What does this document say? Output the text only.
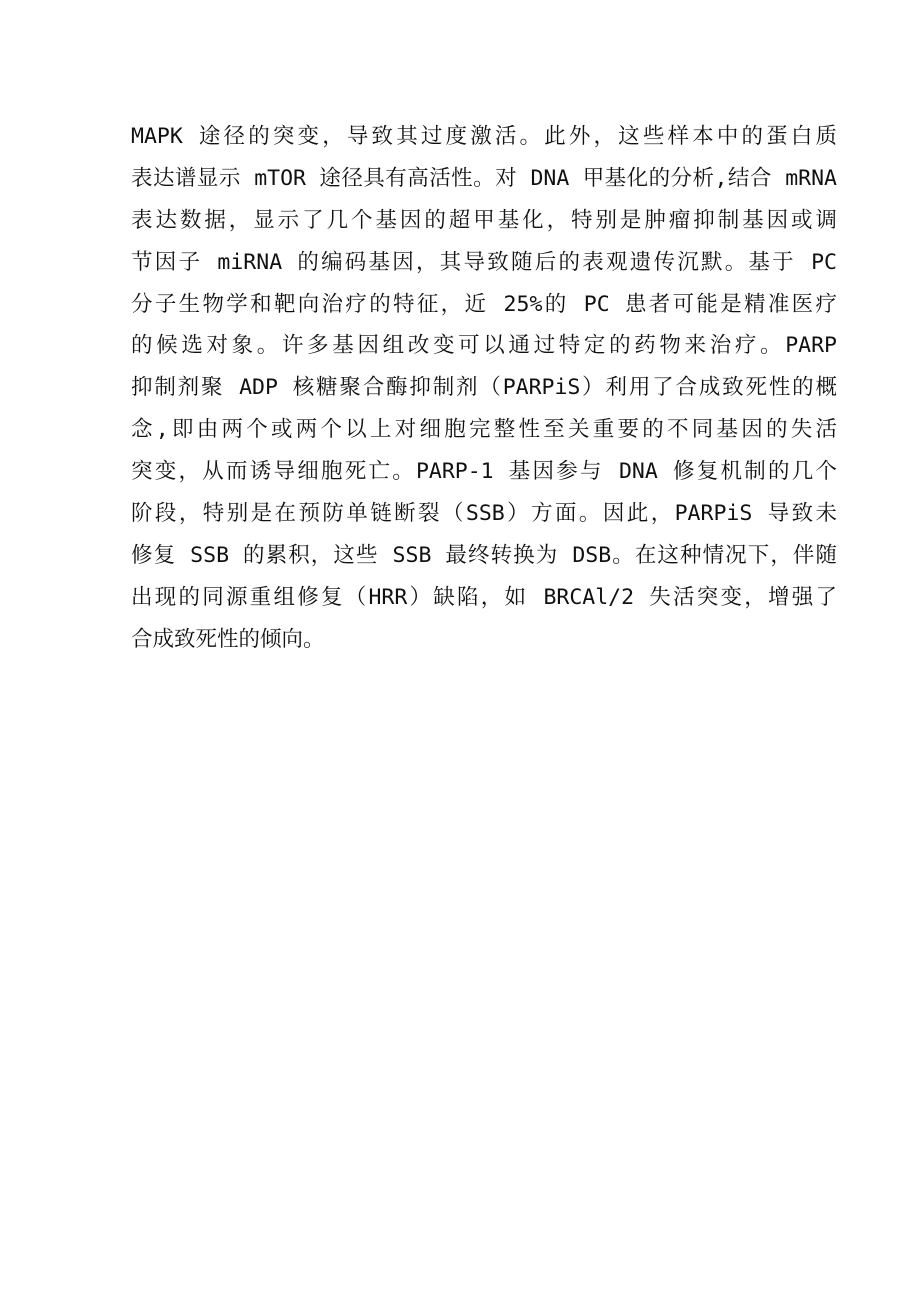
MAPK 途径的突变，导致其过度激活。此外，这些样本中的蛋白质
表达谱显示 mTOR 途径具有高活性。对 DNA 甲基化的分析,结合 mRNA
表达数据，显示了几个基因的超甲基化，特别是肿瘤抑制基因或调
节因子 miRNA 的编码基因，其导致随后的表观遗传沉默。基于 PC
分子生物学和靶向治疗的特征，近 25%的 PC 患者可能是精准医疗
的候选对象。许多基因组改变可以通过特定的药物来治疗。PARP
抑制剂聚 ADP 核糖聚合酶抑制剂（PARPiS）利用了合成致死性的概
念,即由两个或两个以上对细胞完整性至关重要的不同基因的失活
突变，从而诱导细胞死亡。PARP-1 基因参与 DNA 修复机制的几个
阶段，特别是在预防单链断裂（SSB）方面。因此，PARPiS 导致未
修复 SSB 的累积，这些 SSB 最终转换为 DSB。在这种情况下，伴随
出现的同源重组修复（HRR）缺陷，如 BRCAl/2 失活突变，增强了
合成致死性的倾向。
